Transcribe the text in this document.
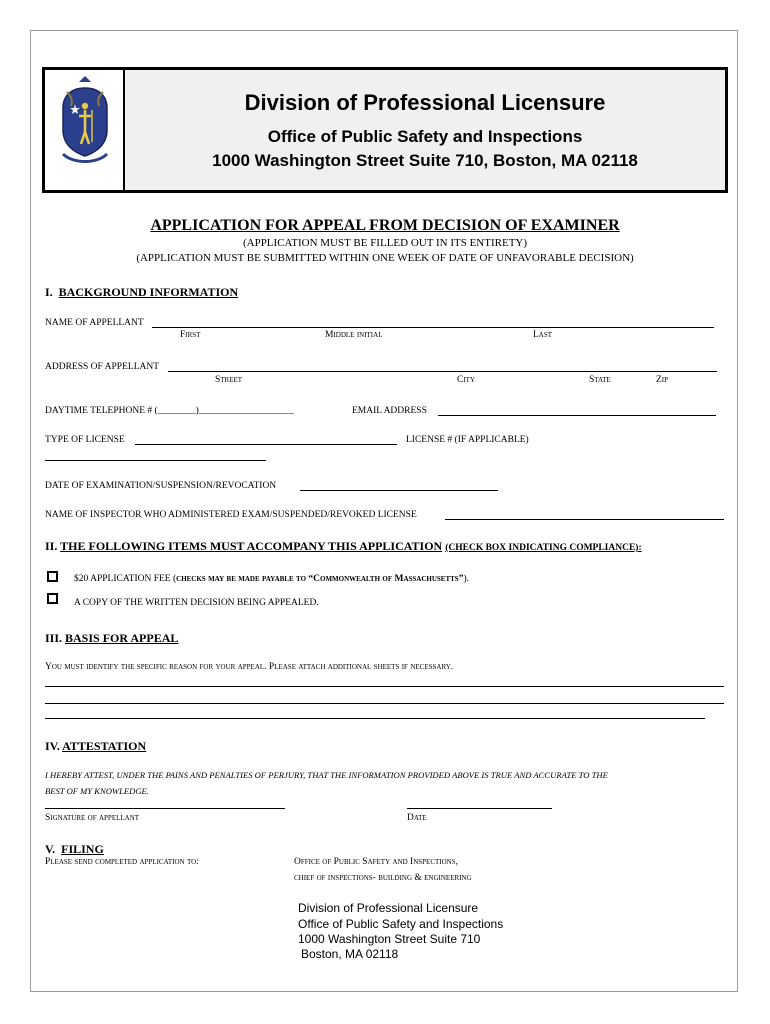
Division of Professional Licensure
Office of Public Safety and Inspections
1000 Washington Street Suite 710, Boston, MA 02118
APPLICATION FOR APPEAL FROM DECISION OF EXAMINER
(APPLICATION MUST BE FILLED OUT IN ITS ENTIRETY)
(APPLICATION MUST BE SUBMITTED WITHIN ONE WEEK OF DATE OF UNFAVORABLE DECISION)
I. BACKGROUND INFORMATION
NAME OF APPELLANT
First	Middle initial	Last
ADDRESS OF APPELLANT
Street	City	State	Zip
DAYTIME TELEPHONE # (________)____________________	EMAIL ADDRESS
TYPE OF LICENSE	LICENSE # (IF APPLICABLE)
DATE OF EXAMINATION/SUSPENSION/REVOCATION
NAME OF INSPECTOR WHO ADMINISTERED EXAM/SUSPENDED/REVOKED LICENSE
II. THE FOLLOWING ITEMS MUST ACCOMPANY THIS APPLICATION (CHECK BOX INDICATING COMPLIANCE):
$20 APPLICATION FEE (checks may be made payable to “Commonwealth of Massachusetts”).
A COPY OF THE WRITTEN DECISION BEING APPEALED.
III. BASIS FOR APPEAL
You must identify the specific reason for your appeal. Please attach additional sheets if necessary.
IV. ATTESTATION
I HEREBY ATTEST, UNDER THE PAINS AND PENALTIES OF PERJURY, THAT THE INFORMATION PROVIDED ABOVE IS TRUE AND ACCURATE TO THE
BEST OF MY KNOWLEDGE.
Signature of appellant	Date
V. FILING
Please send completed application to:	Office of Public Safety and Inspections,
chief of inspections- building & engineering
Division of Professional Licensure
Office of Public Safety and Inspections
1000 Washington Street Suite 710
Boston, MA 02118
